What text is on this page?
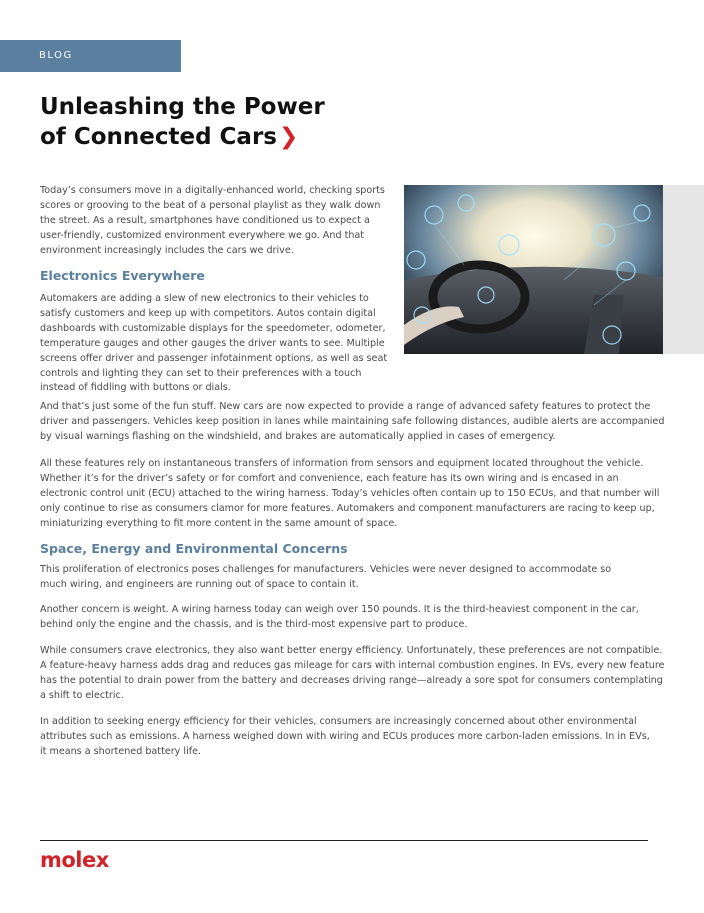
BLOG
Unleashing the Power
of Connected Cars❯

Today’s consumers move in a digitally-enhanced world, checking sports scores or grooving to the beat of a personal playlist as they walk down the street. As a result, smartphones have conditioned us to expect a user-friendly, customized environment everywhere we go. And that environment increasingly includes the cars we drive.

Electronics Everywhere

Automakers are adding a slew of new electronics to their vehicles to satisfy customers and keep up with competitors. Autos contain digital dashboards with customizable displays for the speedometer, odometer, temperature gauges and other gauges the driver wants to see. Multiple screens offer driver and passenger infotainment options, as well as seat controls and lighting they can set to their preferences with a touch instead of fiddling with buttons or dials.

And that’s just some of the fun stuff. New cars are now expected to provide a range of advanced safety features to protect the driver and passengers. Vehicles keep position in lanes while maintaining safe following distances, audible alerts are accompanied by visual warnings flashing on the windshield, and brakes are automatically applied in cases of emergency.

All these features rely on instantaneous transfers of information from sensors and equipment located throughout the vehicle. Whether it’s for the driver’s safety or for comfort and convenience, each feature has its own wiring and is encased in an electronic control unit (ECU) attached to the wiring harness. Today’s vehicles often contain up to 150 ECUs, and that number will only continue to rise as consumers clamor for more features. Automakers and component manufacturers are racing to keep up, miniaturizing everything to fit more content in the same amount of space.

Space, Energy and Environmental Concerns

This proliferation of electronics poses challenges for manufacturers. Vehicles were never designed to accommodate so much wiring, and engineers are running out of space to contain it.

Another concern is weight. A wiring harness today can weigh over 150 pounds. It is the third-heaviest component in the car, behind only the engine and the chassis, and is the third-most expensive part to produce.

While consumers crave electronics, they also want better energy efficiency. Unfortunately, these preferences are not compatible. A feature-heavy harness adds drag and reduces gas mileage for cars with internal combustion engines. In EVs, every new feature has the potential to drain power from the battery and decreases driving range—already a sore spot for consumers contemplating a shift to electric.

In addition to seeking energy efficiency for their vehicles, consumers are increasingly concerned about other environmental attributes such as emissions. A harness weighed down with wiring and ECUs produces more carbon-laden emissions. In in EVs, it means a shortened battery life.

molex
